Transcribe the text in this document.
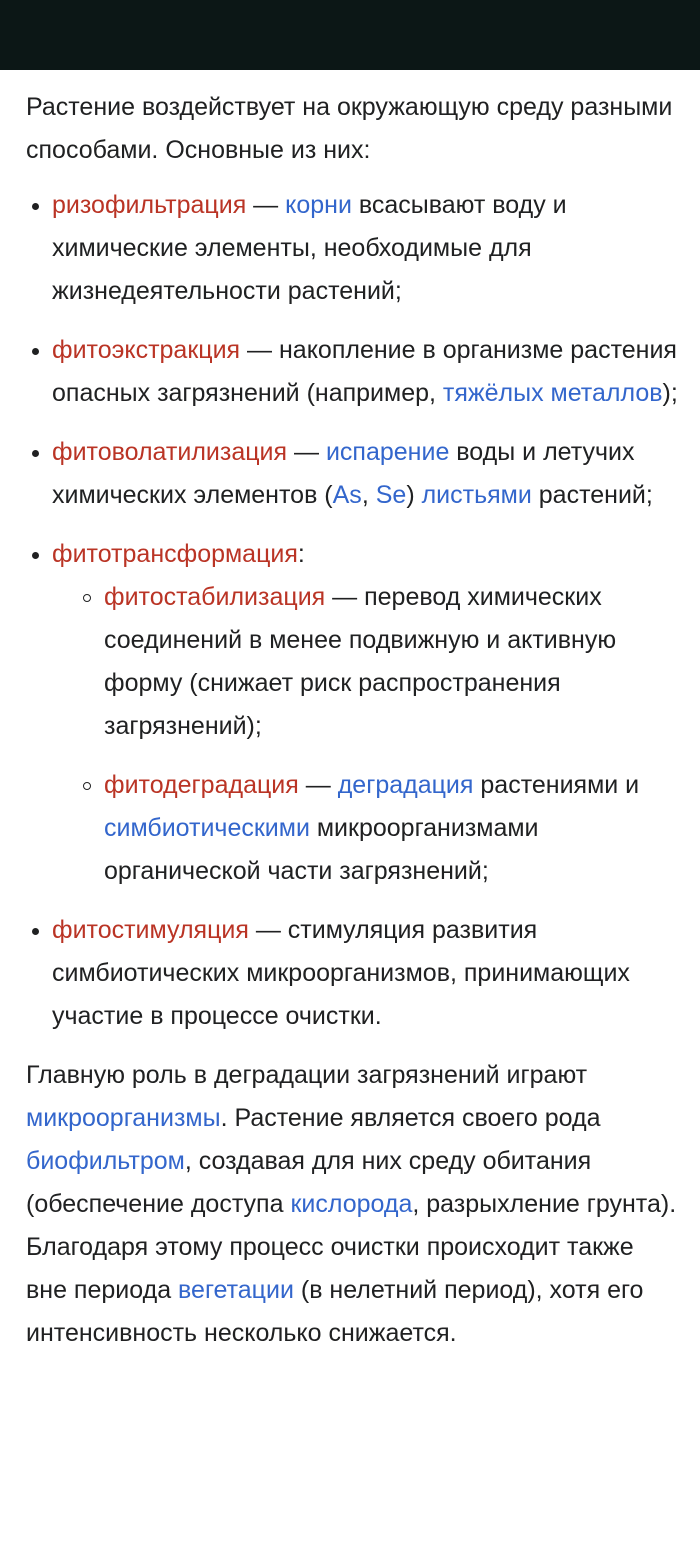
Растение воздействует на окружающую среду разными способами. Основные из них:

ризофильтрация — корни всасывают воду и химические элементы, необходимые для жизнедеятельности растений;
фитоэкстракция — накопление в организме растения опасных загрязнений (например, тяжёлых металлов);
фитоволатилизация — испарение воды и летучих химических элементов (As, Se) листьями растений;
фитотрансформация:
фитостабилизация — перевод химических соединений в менее подвижную и активную форму (снижает риск распространения загрязнений);
фитодеградация — деградация растениями и симбиотическими микроорганизмами органической части загрязнений;
фитостимуляция — стимуляция развития симбиотических микроорганизмов, принимающих участие в процессе очистки.

Главную роль в деградации загрязнений играют микроорганизмы. Растение является своего рода биофильтром, создавая для них среду обитания (обеспечение доступа кислорода, разрыхление грунта). Благодаря этому процесс очистки происходит также вне периода вегетации (в нелетний период), хотя его интенсивность несколько снижается.
